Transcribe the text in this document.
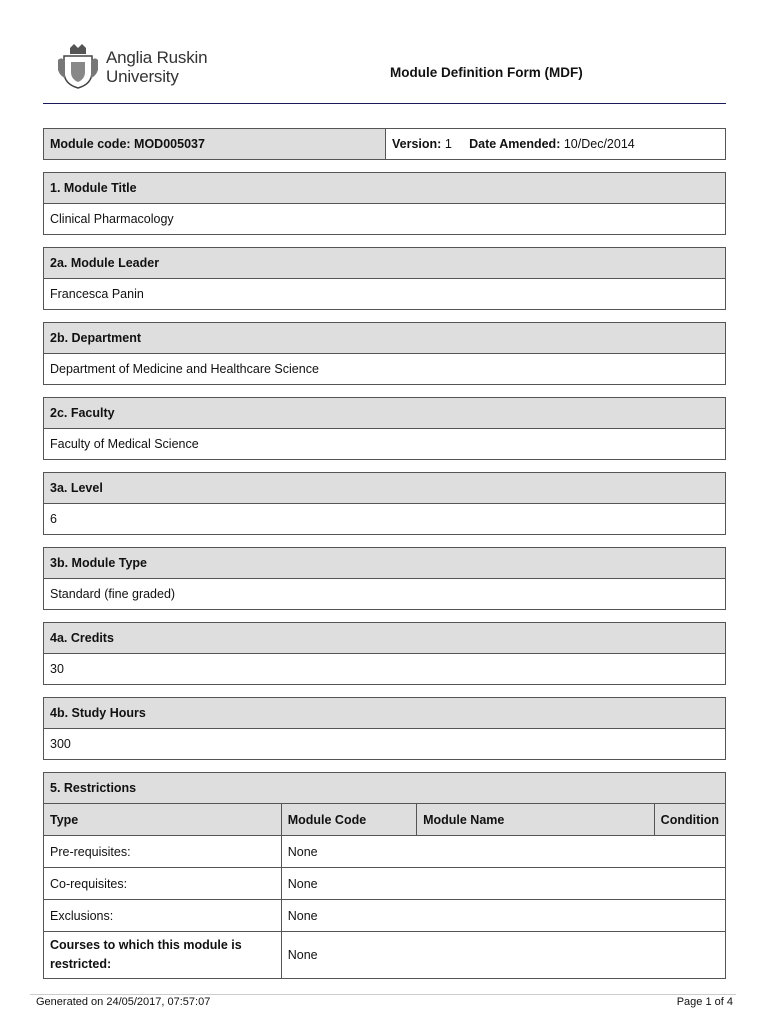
Anglia Ruskin
University	Module Definition Form (MDF)
Module code: MOD005037	Version: 1 Date Amended: 10/Dec/2014
1. Module Title
Clinical Pharmacology
2a. Module Leader
Francesca Panin
2b. Department
Department of Medicine and Healthcare Science
2c. Faculty
Faculty of Medical Science
3a. Level
6
3b. Module Type
Standard (fine graded)
4a. Credits
30
4b. Study Hours
300
5. Restrictions
Type	Module Code	Module Name	Condition
Pre-requisites:	None		
Co-requisites:	None		
Exclusions:	None		
Courses to which this module is restricted:	None		
Generated on 24/05/2017, 07:57:07	Page 1 of 4
